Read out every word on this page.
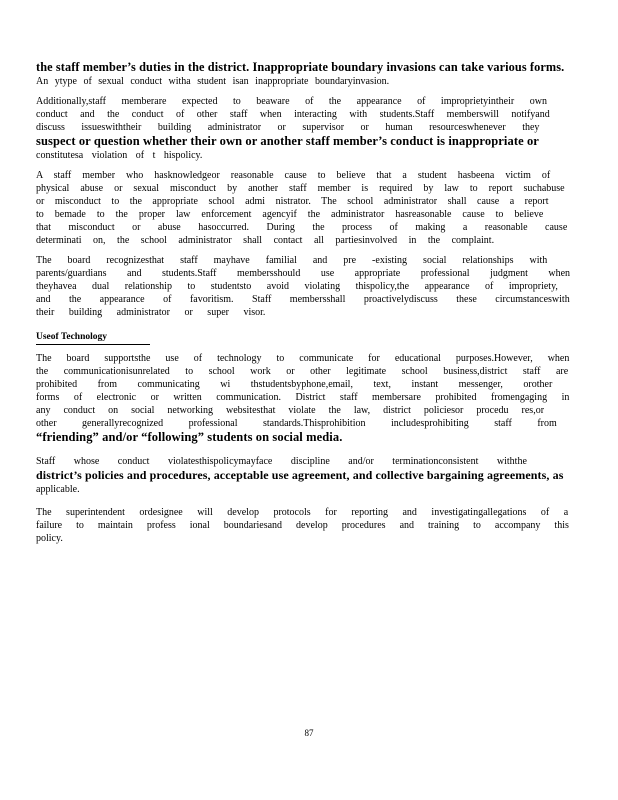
the staff member’s duties in the district. Inappropriate boundary invasions can take various forms.
An ytype of sexual conduct witha student isan inappropriate boundaryinvasion.
Additionally,staff memberare expected to beaware of the appearance of improprietyintheir own
conduct and the conduct of other staff when interacting with students.Staff memberswill notifyand
discuss issueswiththeir building administrator or supervisor or human resourceswhenever they
suspect or question whether their own or another staff member’s conduct is inappropriate or
constitutesa violation of t hispolicy.
A staff member who hasknowledgeor reasonable cause to believe that a student hasbeena victim of
physical abuse or sexual misconduct by another staff member is required by law to report suchabuse
or misconduct to the appropriate school admi nistrator. The school administrator shall cause a report
to bemade to the proper law enforcement agencyif the administrator hasreasonable cause to believe
that misconduct or abuse hasoccurred. During the process of making a reasonable cause
determinati on, the school administrator shall contact all partiesinvolved in the complaint.
The board recognizesthat staff mayhave familial and pre -existing social relationships with
parents/guardians and students.Staff membersshould use appropriate professional judgment when
theyhavea dual relationship to studentsto avoid violating thispolicy,the appearance of impropriety,
and the appearance of favoritism. Staff membersshall proactivelydiscuss these circumstanceswith
their building administrator or super visor.
Useof Technology
The board supportsthe use of technology to communicate for educational purposes.However, when
the communicationisunrelated to school work or other legitimate school business,district staff are
prohibited from communicating wi thstudentsbyphone,email, text, instant messenger, orother
forms of electronic or written communication. District staff membersare prohibited fromengaging in
any conduct on social networking websitesthat violate the law, district policiesor procedu res,or
other generallyrecognized professional standards.Thisprohibition includesprohibiting staff from
“friending” and/or “following” students on social media.
Staff whose conduct violatesthispolicymayface discipline and/or terminationconsistent withthe
district’s policies and procedures, acceptable use agreement, and collective bargaining agreements, as
applicable.
The superintendent ordesignee will develop protocols for reporting and investigatingallegations of a
failure to maintain profess ional boundariesand develop procedures and training to accompany this
policy.
87
